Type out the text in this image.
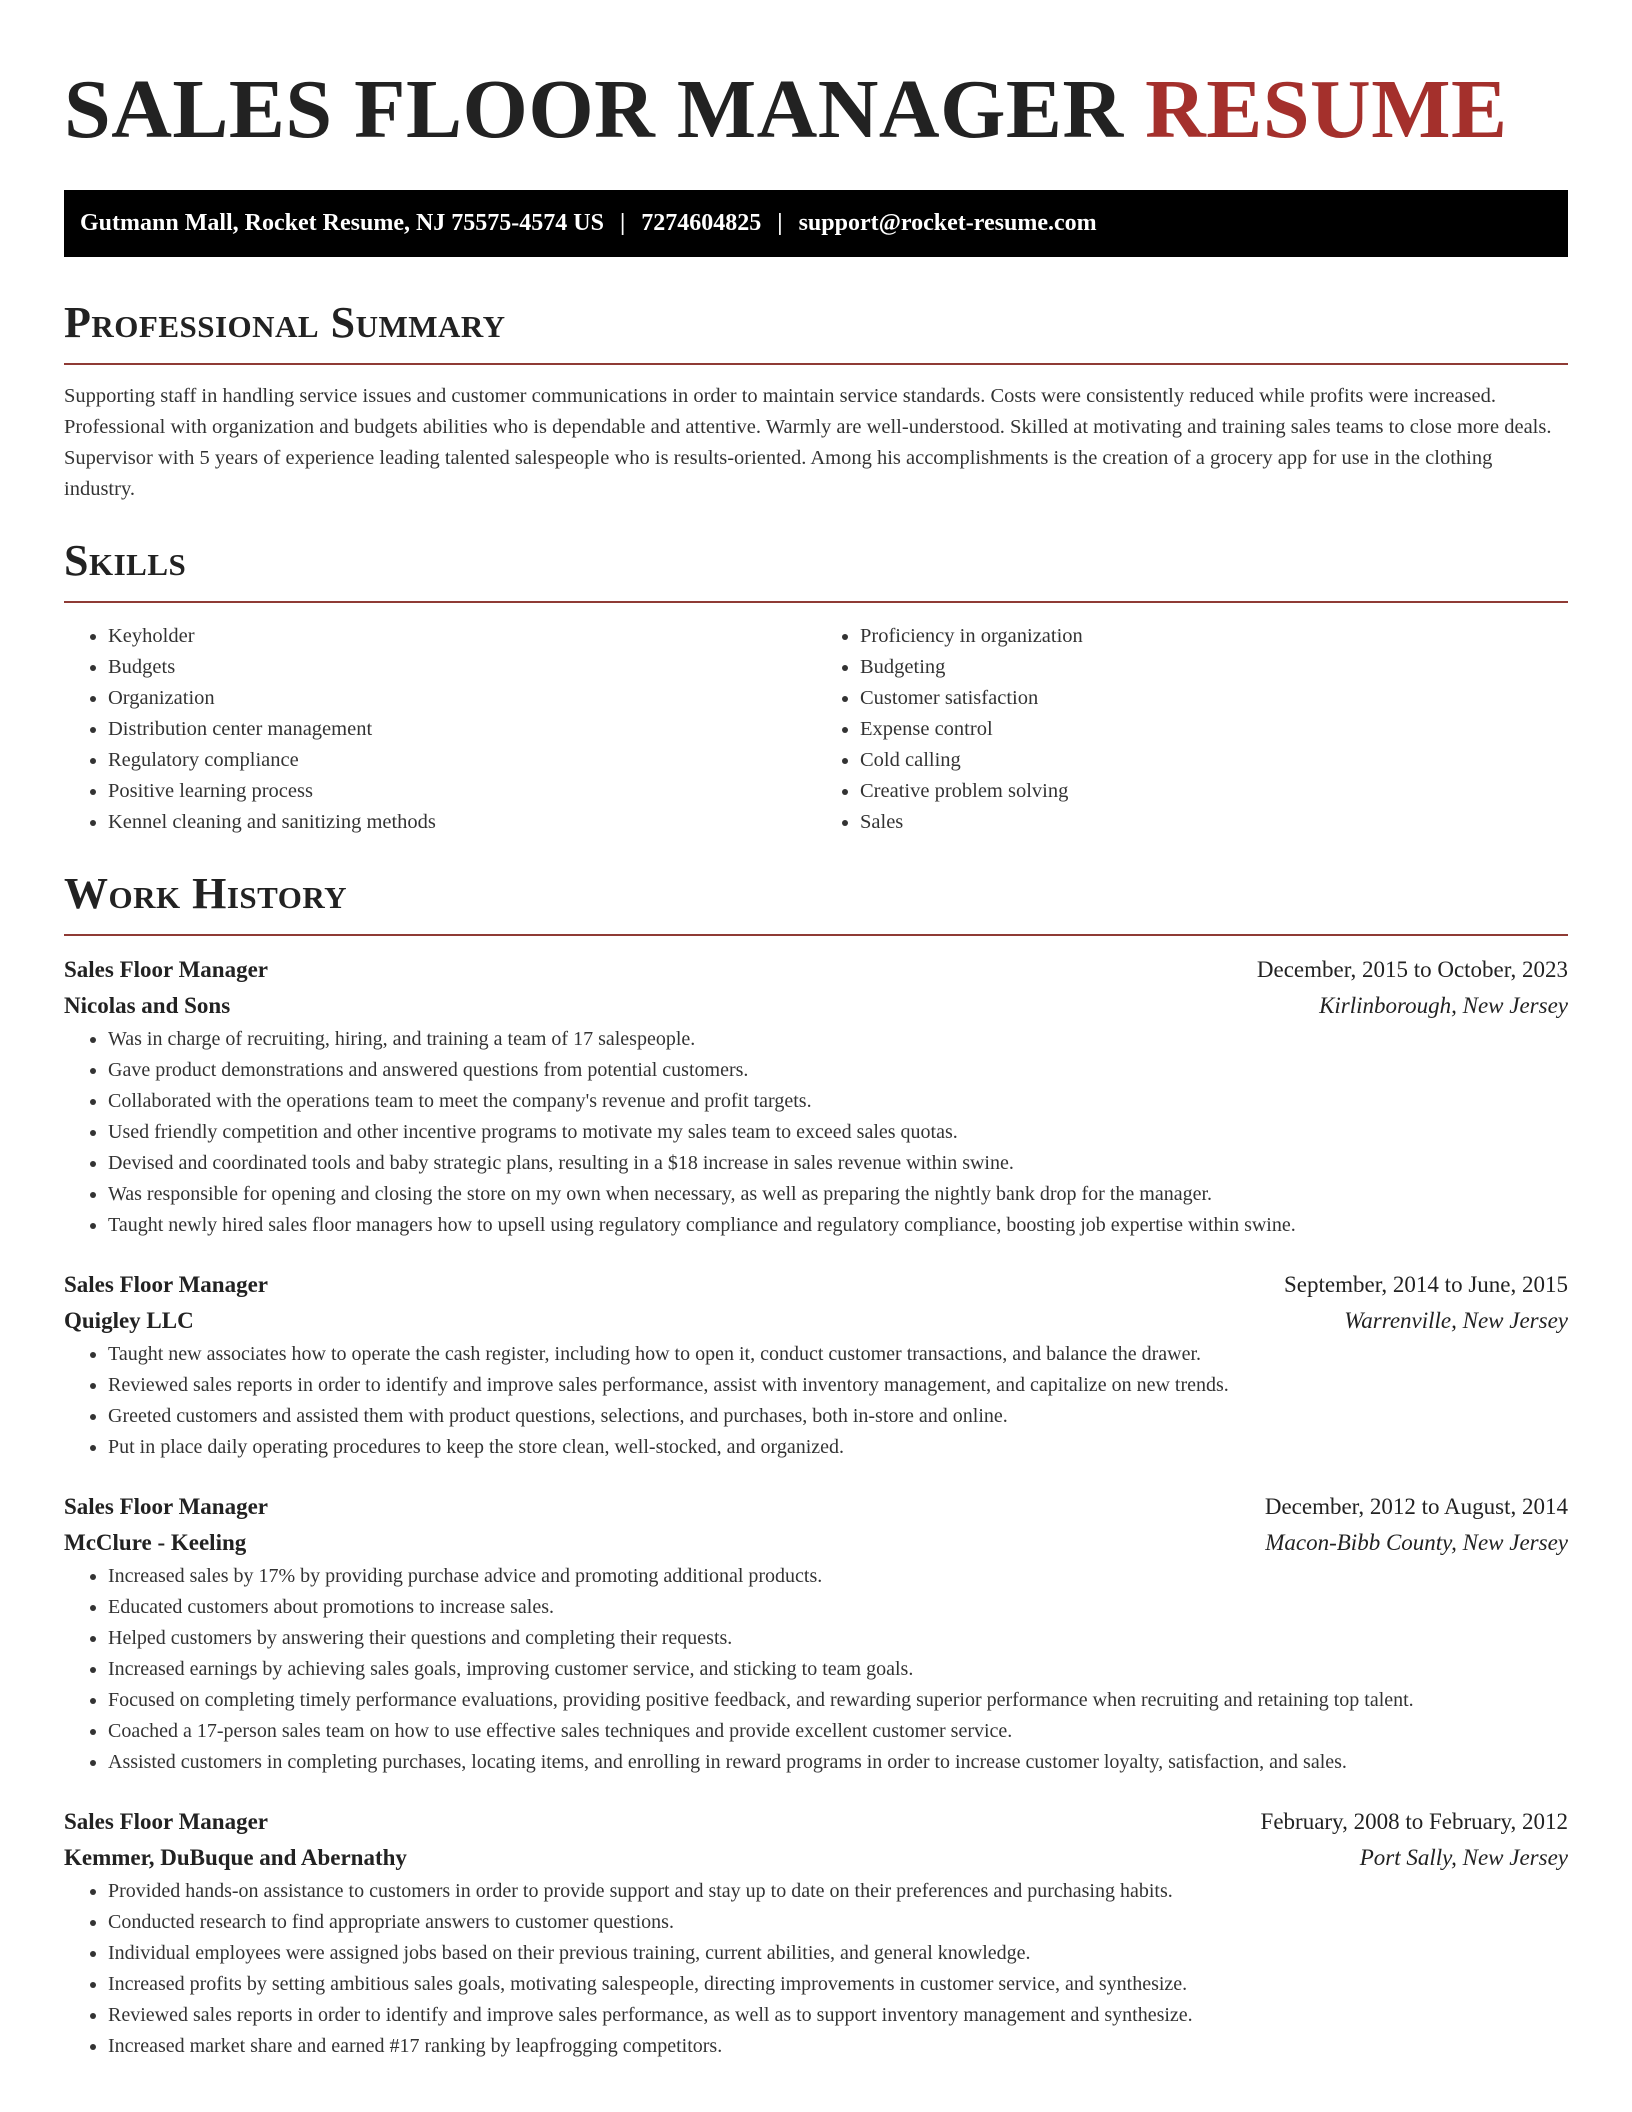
SALES FLOOR MANAGER RESUME
Gutmann Mall, Rocket Resume, NJ 75575-4574 US | 7274604825 | support@rocket-resume.com
Professional Summary

Supporting staff in handling service issues and customer communications in order to maintain service standards. Costs were consistently reduced while profits were increased. Professional with organization and budgets abilities who is dependable and attentive. Warmly are well-understood. Skilled at motivating and training sales teams to close more deals. Supervisor with 5 years of experience leading talented salespeople who is results-oriented. Among his accomplishments is the creation of a grocery app for use in the clothing industry.

Skills
• Keyholder
• Budgets
• Organization
• Distribution center management
• Regulatory compliance
• Positive learning process
• Kennel cleaning and sanitizing methods
• Proficiency in organization
• Budgeting
• Customer satisfaction
• Expense control
• Cold calling
• Creative problem solving
• Sales
Work History
Sales Floor Manager	December, 2015 to October, 2023
Nicolas and Sons	Kirlinborough, New Jersey
• Was in charge of recruiting, hiring, and training a team of 17 salespeople.
• Gave product demonstrations and answered questions from potential customers.
• Collaborated with the operations team to meet the company's revenue and profit targets.
• Used friendly competition and other incentive programs to motivate my sales team to exceed sales quotas.
• Devised and coordinated tools and baby strategic plans, resulting in a $18 increase in sales revenue within swine.
• Was responsible for opening and closing the store on my own when necessary, as well as preparing the nightly bank drop for the manager.
• Taught newly hired sales floor managers how to upsell using regulatory compliance and regulatory compliance, boosting job expertise within swine.
Sales Floor Manager	September, 2014 to June, 2015
Quigley LLC	Warrenville, New Jersey
• Taught new associates how to operate the cash register, including how to open it, conduct customer transactions, and balance the drawer.
• Reviewed sales reports in order to identify and improve sales performance, assist with inventory management, and capitalize on new trends.
• Greeted customers and assisted them with product questions, selections, and purchases, both in-store and online.
• Put in place daily operating procedures to keep the store clean, well-stocked, and organized.
Sales Floor Manager	December, 2012 to August, 2014
McClure - Keeling	Macon-Bibb County, New Jersey
• Increased sales by 17% by providing purchase advice and promoting additional products.
• Educated customers about promotions to increase sales.
• Helped customers by answering their questions and completing their requests.
• Increased earnings by achieving sales goals, improving customer service, and sticking to team goals.
• Focused on completing timely performance evaluations, providing positive feedback, and rewarding superior performance when recruiting and retaining top talent.
• Coached a 17-person sales team on how to use effective sales techniques and provide excellent customer service.
• Assisted customers in completing purchases, locating items, and enrolling in reward programs in order to increase customer loyalty, satisfaction, and sales.
Sales Floor Manager	February, 2008 to February, 2012
Kemmer, DuBuque and Abernathy	Port Sally, New Jersey
• Provided hands-on assistance to customers in order to provide support and stay up to date on their preferences and purchasing habits.
• Conducted research to find appropriate answers to customer questions.
• Individual employees were assigned jobs based on their previous training, current abilities, and general knowledge.
• Increased profits by setting ambitious sales goals, motivating salespeople, directing improvements in customer service, and synthesize.
• Reviewed sales reports in order to identify and improve sales performance, as well as to support inventory management and synthesize.
• Increased market share and earned #17 ranking by leapfrogging competitors.
